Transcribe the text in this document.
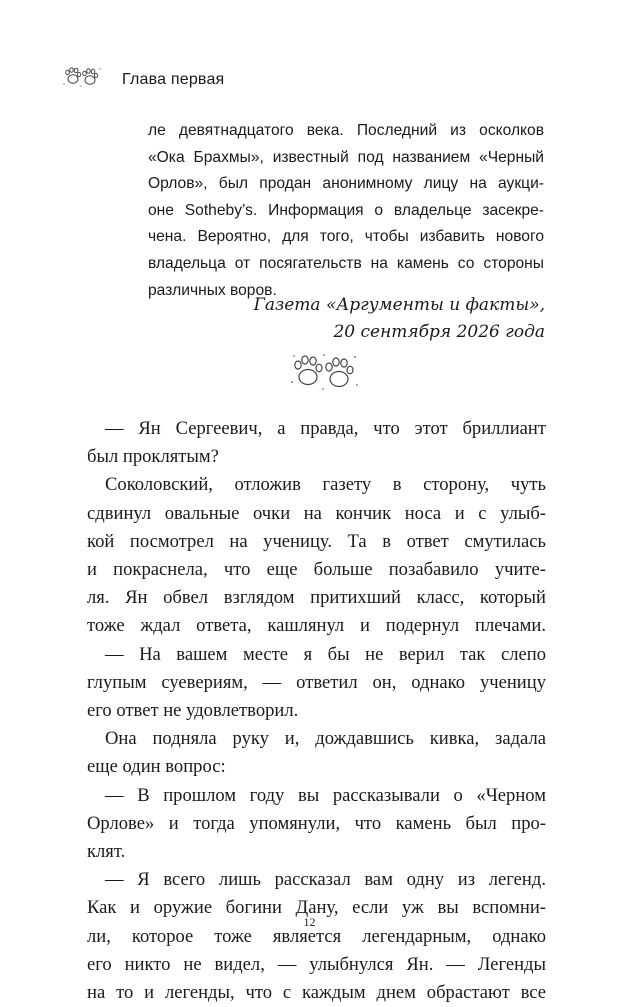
Глава первая
ле девятнадцатого века. Последний из осколков
«Ока Брахмы», известный под названием «Черный
Орлов», был продан анонимному лицу на аукци-
оне Sotheby’s. Информация о владельце засекре-
чена. Вероятно, для того, чтобы избавить нового
владельца от посягательств на камень со стороны
различных воров.
Газета «Аргументы и факты»,
20 сентября 2026 года
— Ян Сергеевич, а правда, что этот бриллиант
был проклятым?
Соколовский, отложив газету в сторону, чуть
сдвинул овальные очки на кончик носа и с улыб-
кой посмотрел на ученицу. Та в ответ смутилась
и покраснела, что еще больше позабавило учите-
ля. Ян обвел взглядом притихший класс, который
тоже ждал ответа, кашлянул и подернул плечами.
— На вашем месте я бы не верил так слепо
глупым суевериям, — ответил он, однако ученицу
его ответ не удовлетворил.
Она подняла руку и, дождавшись кивка, задала
еще один вопрос:
— В прошлом году вы рассказывали о «Черном
Орлове» и тогда упомянули, что камень был про-
клят.
— Я всего лишь рассказал вам одну из легенд.
Как и оружие богини Дану, если уж вы вспомни-
ли, которое тоже является легендарным, однако
его никто не видел, — улыбнулся Ян. — Легенды
на то и легенды, что с каждым днем обрастают все
12
